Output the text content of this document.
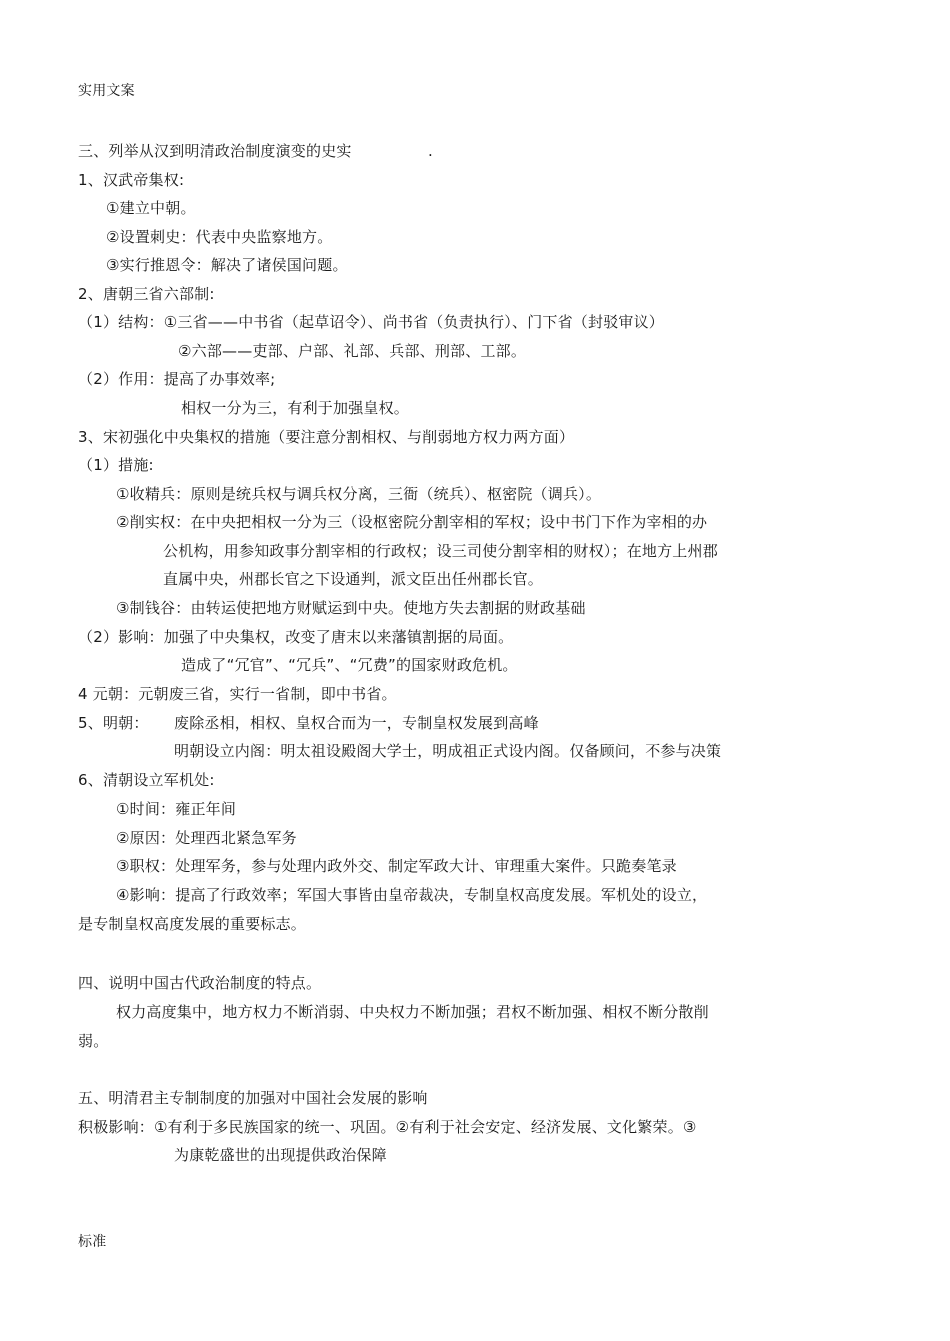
实用文案
三、列举从汉到明清政治制度演变的史实	.
1、汉武帝集权:
①建立中朝。
②设置刺史：代表中央监察地方。
③实行推恩令：解决了诸侯国问题。
2、唐朝三省六部制:
（1）结构：①三省——中书省（起草诏令）、尚书省（负责执行）、门下省（封驳审议）
②六部——吏部、户部、礼部、兵部、刑部、工部。
（2）作用：提高了办事效率;
相权一分为三，有利于加强皇权。
3、宋初强化中央集权的措施（要注意分割相权、与削弱地方权力两方面）
（1）措施:
①收精兵：原则是统兵权与调兵权分离，三衙（统兵）、枢密院（调兵）。
②削实权：在中央把相权一分为三（设枢密院分割宰相的军权；设中书门下作为宰相的办
公机构，用参知政事分割宰相的行政权；设三司使分割宰相的财权）；在地方上州郡
直属中央，州郡长官之下设通判，派文臣出任州郡长官。
③制钱谷：由转运使把地方财赋运到中央。使地方失去割据的财政基础
（2）影响：加强了中央集权，改变了唐末以来藩镇割据的局面。
造成了“冗官”、“冗兵”、“冗费”的国家财政危机。
4 元朝：元朝废三省，实行一省制，即中书省。
5、明朝： 废除丞相，相权、皇权合而为一，专制皇权发展到高峰
明朝设立内阁：明太祖设殿阁大学士，明成祖正式设内阁。仅备顾问，不参与决策
6、清朝设立军机处:
①时间：雍正年间
②原因：处理西北紧急军务
③职权：处理军务，参与处理内政外交、制定军政大计、审理重大案件。只跪奏笔录
④影响：提高了行政效率；军国大事皆由皇帝裁决，专制皇权高度发展。军机处的设立，
是专制皇权高度发展的重要标志。
四、说明中国古代政治制度的特点。
权力高度集中，地方权力不断消弱、中央权力不断加强；君权不断加强、相权不断分散削
弱。
五、明清君主专制制度的加强对中国社会发展的影响
积极影响：①有利于多民族国家的统一、巩固。②有利于社会安定、经济发展、文化繁荣。③
为康乾盛世的出现提供政治保障
标准
